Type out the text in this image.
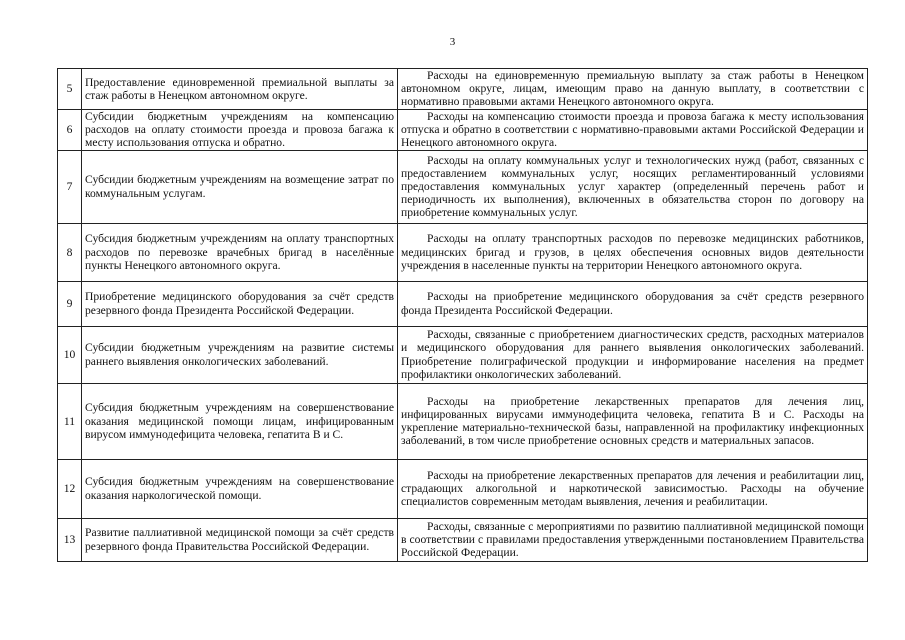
3
5	Предоставление единовременной премиальной выплаты за стаж работы в Ненецком автономном округе.	Расходы на единовременную премиальную выплату за стаж работы в Ненецком автономном округе, лицам, имеющим право на данную выплату, в соответствии с нормативно правовыми актами Ненецкого автономного округа.
6	Субсидии бюджетным учреждениям на компенсацию расходов на оплату стоимости проезда и провоза багажа к месту использования отпуска и обратно.	Расходы на компенсацию стоимости проезда и провоза багажа к месту использования отпуска и обратно в соответствии с нормативно-правовыми актами Российской Федерации и Ненецкого автономного округа.
7	Субсидии бюджетным учреждениям на возмещение затрат по коммунальным услугам.	Расходы на оплату коммунальных услуг и технологических нужд (работ, связанных с предоставлением коммунальных услуг, носящих регламентированный условиями предоставления коммунальных услуг характер (определенный перечень работ и периодичность их выполнения), включенных в обязательства сторон по договору на приобретение коммунальных услуг.
8	Субсидия бюджетным учреждениям на оплату транспортных расходов по перевозке врачебных бригад в населённые пункты Ненецкого автономного округа.	Расходы на оплату транспортных расходов по перевозке медицинских работников, медицинских бригад и грузов, в целях обеспечения основных видов деятельности учреждения в населенные пункты на территории Ненецкого автономного округа.
9	Приобретение медицинского оборудования за счёт средств резервного фонда Президента Российской Федерации.	Расходы на приобретение медицинского оборудования за счёт средств резервного фонда Президента Российской Федерации.
10	Субсидии бюджетным учреждениям на развитие системы раннего выявления онкологических заболеваний.	Расходы, связанные с приобретением диагностических средств, расходных материалов и медицинского оборудования для раннего выявления онкологических заболеваний. Приобретение полиграфической продукции и информирование населения на предмет профилактики онкологических заболеваний.
11	Субсидия бюджетным учреждениям на совершенствование оказания медицинской помощи лицам, инфицированным вирусом иммунодефицита человека, гепатита В и С.	Расходы на приобретение лекарственных препаратов для лечения лиц, инфицированных вирусами иммунодефицита человека, гепатита В и С. Расходы на укрепление материально-технической базы, направленной на профилактику инфекционных заболеваний, в том числе приобретение основных средств и материальных запасов.
12	Субсидия бюджетным учреждениям на совершенствование оказания наркологической помощи.	Расходы на приобретение лекарственных препаратов для лечения и реабилитации лиц, страдающих алкогольной и наркотической зависимостью. Расходы на обучение специалистов современным методам выявления, лечения и реабилитации.
13	Развитие паллиативной медицинской помощи за счёт средств резервного фонда Правительства Российской Федерации.	Расходы, связанные с мероприятиями по развитию паллиативной медицинской помощи в соответствии с правилами предоставления утвержденными постановлением Правительства Российской Федерации.
